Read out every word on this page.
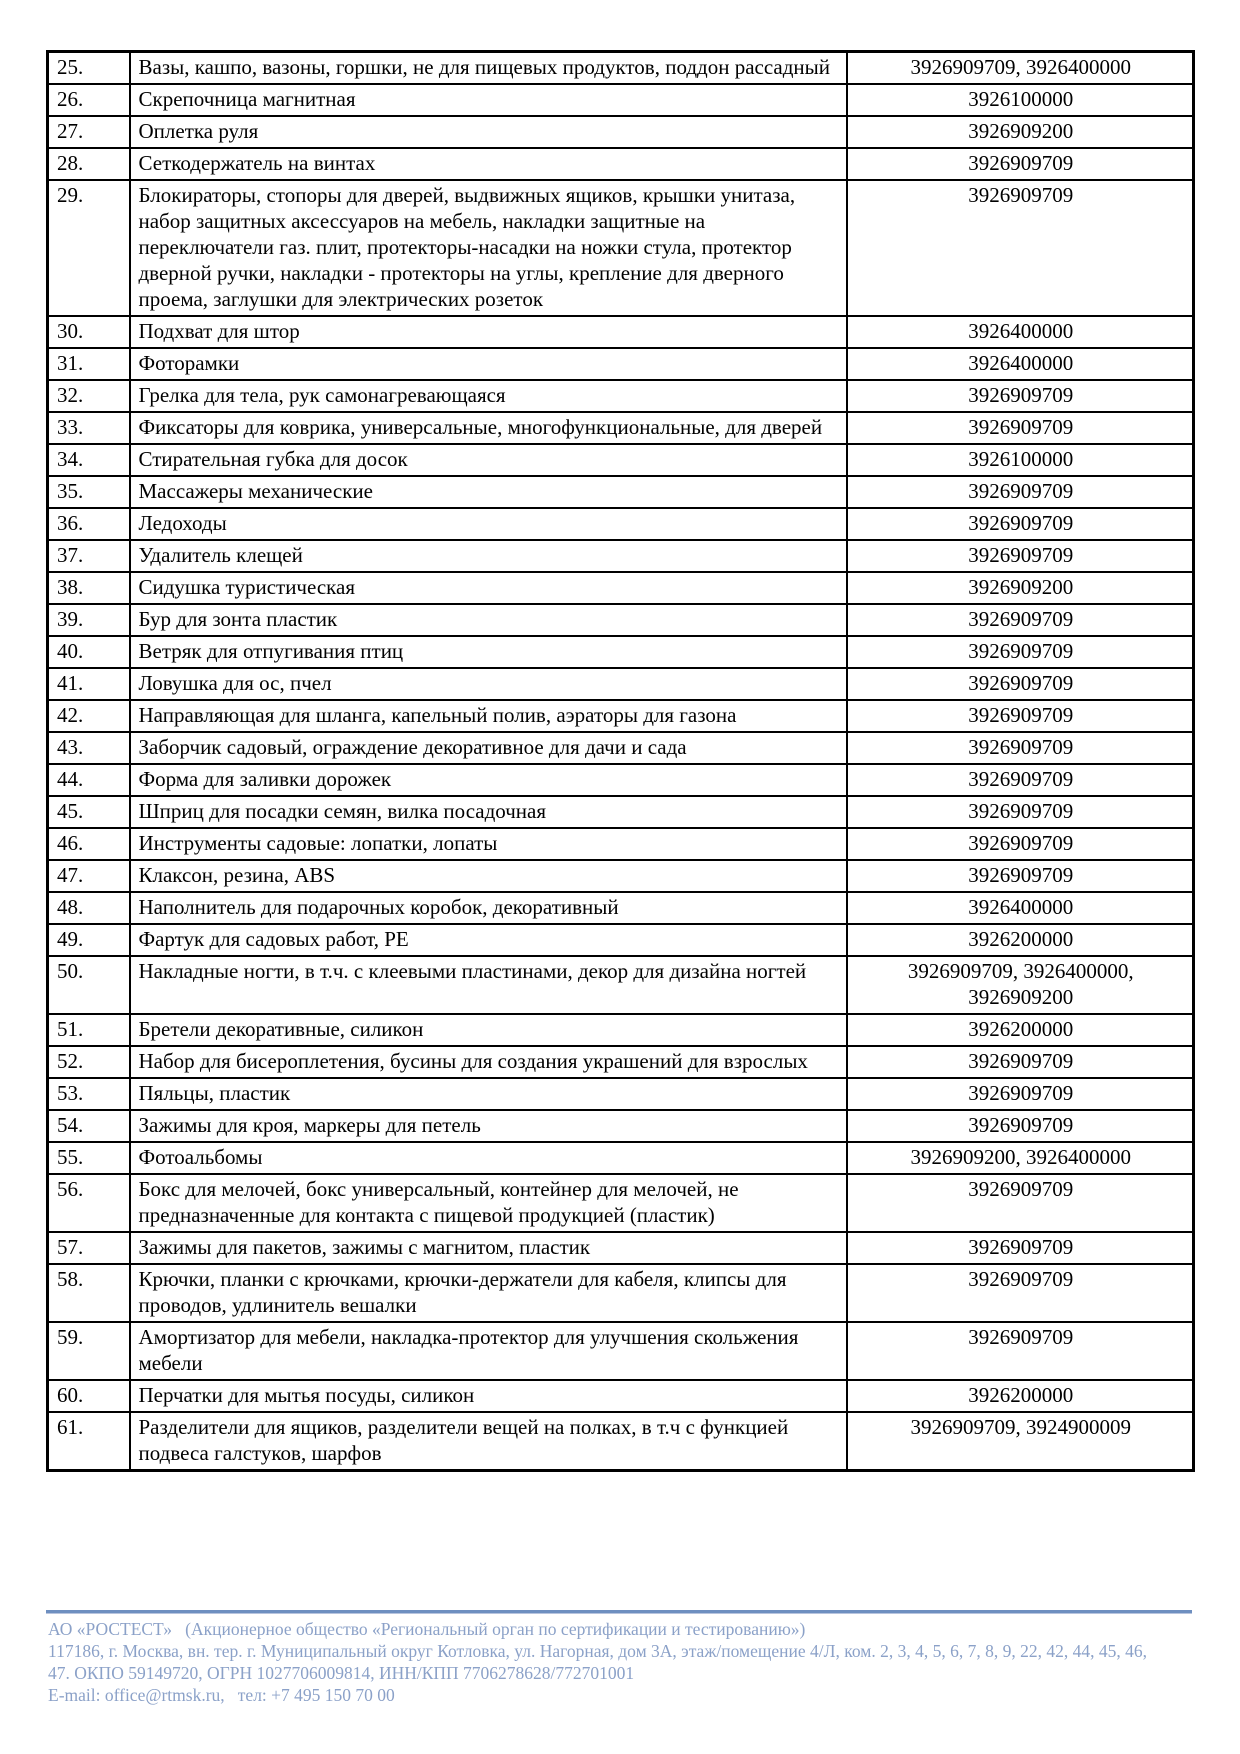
25.	Вазы, кашпо, вазоны, горшки, не для пищевых продуктов, поддон рассадный	3926909709, 3926400000
26.	Скрепочница магнитная	3926100000
27.	Оплетка руля	3926909200
28.	Сеткодержатель на винтах	3926909709
29.	Блокираторы, стопоры для дверей, выдвижных ящиков, крышки унитаза, набор защитных аксессуаров на мебель, накладки защитные на переключатели газ. плит, протекторы-насадки на ножки стула, протектор дверной ручки, накладки - протекторы на углы, крепление для дверного проема, заглушки для электрических розеток	3926909709
30.	Подхват для штор	3926400000
31.	Фоторамки	3926400000
32.	Грелка для тела, рук самонагревающаяся	3926909709
33.	Фиксаторы для коврика, универсальные, многофункциональные, для дверей	3926909709
34.	Стирательная губка для досок	3926100000
35.	Массажеры механические	3926909709
36.	Ледоходы	3926909709
37.	Удалитель клещей	3926909709
38.	Сидушка туристическая	3926909200
39.	Бур для зонта пластик	3926909709
40.	Ветряк для отпугивания птиц	3926909709
41.	Ловушка для ос, пчел	3926909709
42.	Направляющая для шланга, капельный полив, аэраторы для газона	3926909709
43.	Заборчик садовый, ограждение декоративное для дачи и сада	3926909709
44.	Форма для заливки дорожек	3926909709
45.	Шприц для посадки семян, вилка посадочная	3926909709
46.	Инструменты садовые: лопатки, лопаты	3926909709
47.	Клаксон, резина, ABS	3926909709
48.	Наполнитель для подарочных коробок, декоративный	3926400000
49.	Фартук для садовых работ, PE	3926200000
50.	Накладные ногти, в т.ч. с клеевыми пластинами, декор для дизайна ногтей	3926909709, 3926400000, 3926909200
51.	Бретели декоративные, силикон	3926200000
52.	Набор для бисероплетения, бусины для создания украшений для взрослых	3926909709
53.	Пяльцы, пластик	3926909709
54.	Зажимы для кроя, маркеры для петель	3926909709
55.	Фотоальбомы	3926909200, 3926400000
56.	Бокс для мелочей, бокс универсальный, контейнер для мелочей, не предназначенные для контакта с пищевой продукцией (пластик)	3926909709
57.	Зажимы для пакетов, зажимы с магнитом, пластик	3926909709
58.	Крючки, планки с крючками, крючки-держатели для кабеля, клипсы для проводов, удлинитель вешалки	3926909709
59.	Амортизатор для мебели, накладка-протектор для улучшения скольжения мебели	3926909709
60.	Перчатки для мытья посуды, силикон	3926200000
61.	Разделители для ящиков, разделители вещей на полках, в т.ч с функцией подвеса галстуков, шарфов	3926909709, 3924900009
АО «РОСТЕСТ»   (Акционерное общество «Региональный орган по сертификации и тестированию»)
117186, г. Москва, вн. тер. г. Муниципальный округ Котловка, ул. Нагорная, дом 3А, этаж/помещение 4/Л, ком. 2, 3, 4, 5, 6, 7, 8, 9, 22, 42, 44, 45, 46,
47. ОКПО 59149720, ОГРН 1027706009814, ИНН/КПП 7706278628/772701001
E-mail: office@rtmsk.ru,   тел: +7 495 150 70 00
